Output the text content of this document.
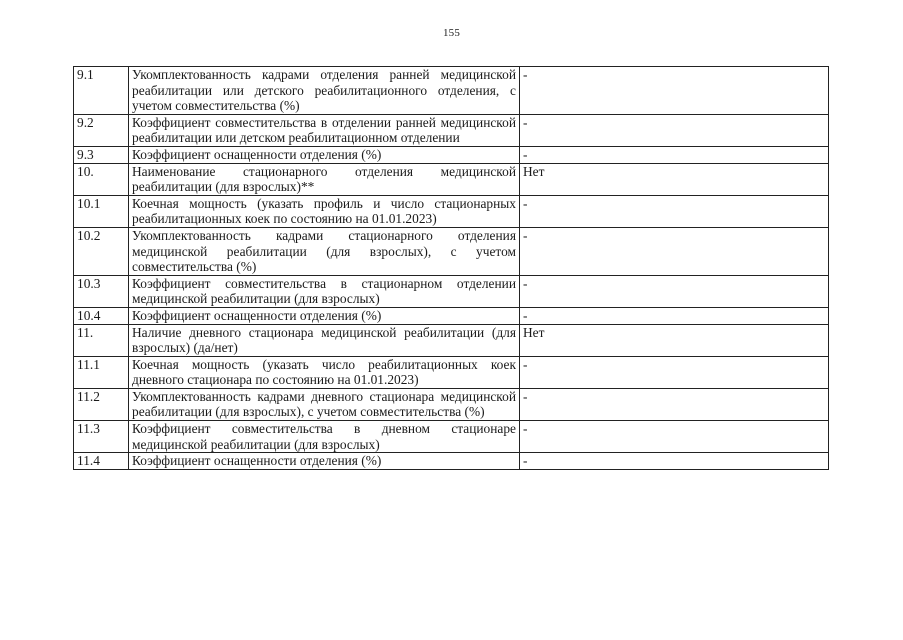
155
9.1	Укомплектованность кадрами отделения ранней медицинской реабилитации или детского реабилитационного отделения, с учетом совместительства (%)	-
9.2	Коэффициент совместительства в отделении ранней медицинской реабилитации или детском реабилитационном отделении	-
9.3	Коэффициент оснащенности отделения (%)	-
10.	Наименование стационарного отделения медицинской реабилитации (для взрослых)**	Нет
10.1	Коечная мощность (указать профиль и число стационарных реабилитационных коек по состоянию на 01.01.2023)	-
10.2	Укомплектованность кадрами стационарного отделения медицинской реабилитации (для взрослых), с учетом совместительства (%)	-
10.3	Коэффициент совместительства в стационарном отделении медицинской реабилитации (для взрослых)	-
10.4	Коэффициент оснащенности отделения (%)	-
11.	Наличие дневного стационара медицинской реабилитации (для взрослых) (да/нет)	Нет
11.1	Коечная мощность (указать число реабилитационных коек дневного стационара по состоянию на 01.01.2023)	-
11.2	Укомплектованность кадрами дневного стационара медицинской реабилитации (для взрослых), с учетом совместительства (%)	-
11.3	Коэффициент совместительства в дневном стационаре медицинской реабилитации (для взрослых)	-
11.4	Коэффициент оснащенности отделения (%)	-
